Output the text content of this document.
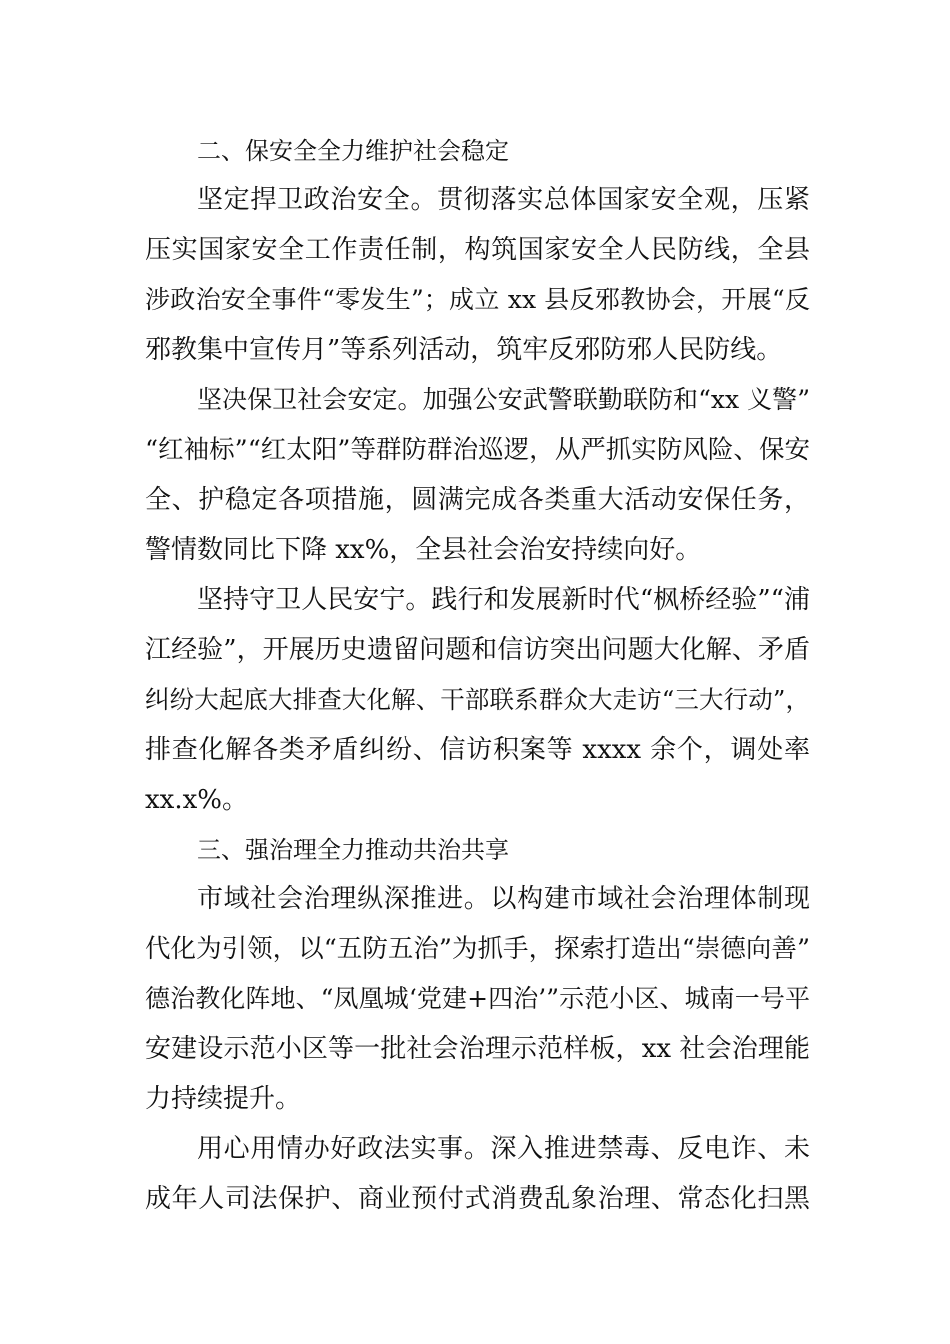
二、保安全全力维护社会稳定
坚定捍卫政治安全。贯彻落实总体国家安全观，压紧
压实国家安全工作责任制，构筑国家安全人民防线，全县
涉政治安全事件“零发生”；成立 xx 县反邪教协会，开展“反
邪教集中宣传月”等系列活动，筑牢反邪防邪人民防线。
坚决保卫社会安定。加强公安武警联勤联防和“xx 义警”
“红袖标”“红太阳”等群防群治巡逻，从严抓实防风险、保安
全、护稳定各项措施，圆满完成各类重大活动安保任务，
警情数同比下降 xx%，全县社会治安持续向好。
坚持守卫人民安宁。践行和发展新时代“枫桥经验”“浦
江经验”，开展历史遗留问题和信访突出问题大化解、矛盾
纠纷大起底大排查大化解、干部联系群众大走访“三大行动”，
排查化解各类矛盾纠纷、信访积案等 xxxx 余个，调处率
xx.x%。
三、强治理全力推动共治共享
市域社会治理纵深推进。以构建市域社会治理体制现
代化为引领，以“五防五治”为抓手，探索打造出“崇德向善”
德治教化阵地、“凤凰城‘党建+四治’”示范小区、城南一号平
安建设示范小区等一批社会治理示范样板，xx 社会治理能
力持续提升。
用心用情办好政法实事。深入推进禁毒、反电诈、未
成年人司法保护、商业预付式消费乱象治理、常态化扫黑
